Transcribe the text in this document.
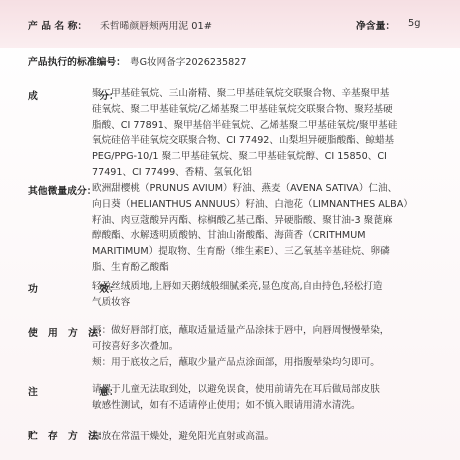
产 品 名 称： 禾哲晞颜唇颊两用泥 01#	净含量： 5g
产品执行的标准编号： 粤G妆网备字2026235827
成                  分：
聚二甲基硅氧烷、三山嵛精、聚二甲基硅氧烷交联聚合物、辛基聚甲基
硅氧烷、聚二甲基硅氧烷/乙烯基聚二甲基硅氧烷交联聚合物、聚羟基硬
脂酸、CI 77891、聚甲基倍半硅氧烷、乙烯基聚二甲基硅氧烷/聚甲基硅
氧烷硅倍半硅氧烷交联聚合物、CI 77492、山梨坦异硬脂酸酯、鲸蜡基
PEG/PPG-10/1 聚二甲基硅氧烷、聚二甲基硅氧烷醇、CI 15850、CI
77491、CI 77499、香精、氢氧化铝
其他微量成分：
欧洲甜樱桃（PRUNUS AVIUM）籽油、燕麦（AVENA SATIVA）仁油、
向日葵（HELIANTHUS ANNUUS）籽油、白池花（LIMNANTHES ALBA）
籽油、肉豆蔻酸异丙酯、棕榈酸乙基己酯、异硬脂酸、聚甘油-3 聚蓖麻
醇酸酯、水解透明质酸钠、甘油山嵛酸酯、海茴香（CRITHMUM
MARITIMUM）提取物、生育酚（维生素E）、三乙氧基辛基硅烷、卵磷
脂、生育酚乙酸酯
功                  效：
轻盈丝绒质地,上唇如天鹅绒般细腻柔亮,显色度高,自由持色,轻松打造
气质妆容
使   用   方   法：
唇：做好唇部打底，蘸取适量适量产品涂抹于唇中，向唇周慢慢晕染，
可按喜好多次叠加。
颊：用于底妆之后，蘸取少量产品点涂面部，用指腹晕染均匀即可。
注                  意：
请置于儿童无法取到处，以避免误食，使用前请先在耳后做局部皮肤
敏感性测试，如有不适请停止使用；如不慎入眼请用清水清洗。
贮   存   方   法：
存放在常温干燥处，避免阳光直射或高温。
